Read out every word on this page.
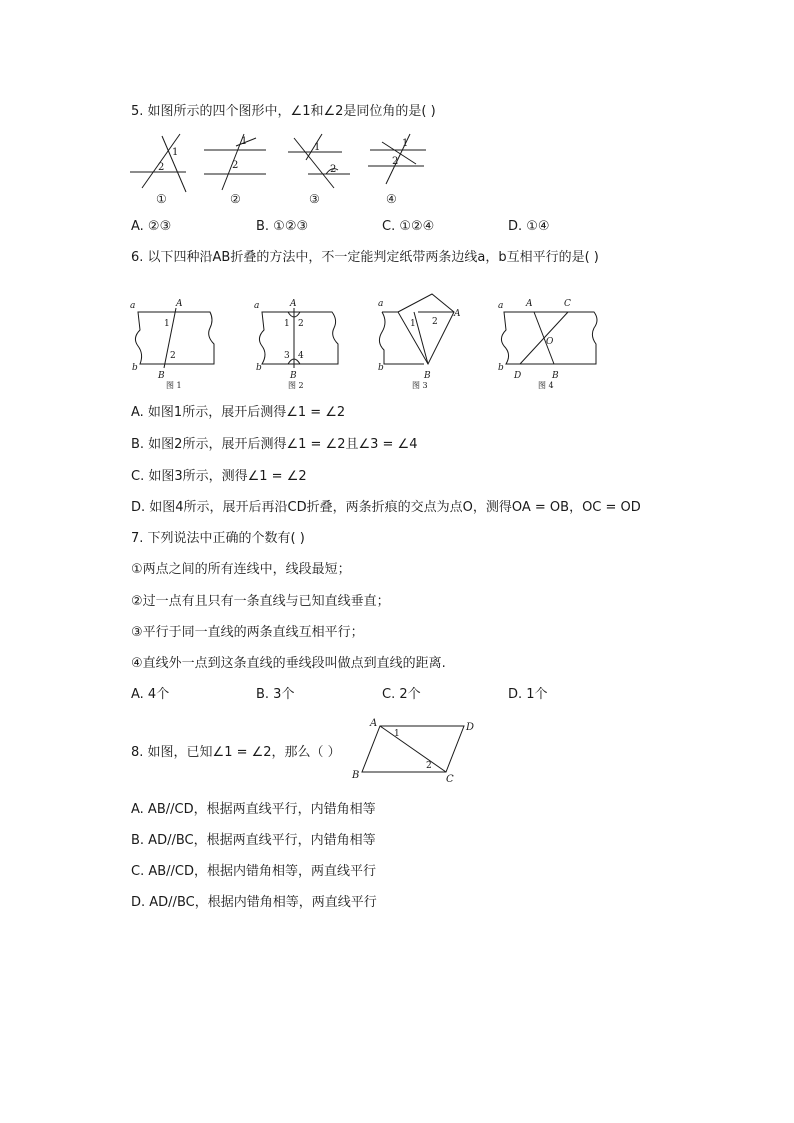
5. 如图所示的四个图形中，∠1和∠2是同位角的是( )
1
2
1
2
1
2
1
2
①	②	③	④
A. ②③	B. ①②③	C. ①②④	D. ①④
6. 以下四种沿AB折叠的方法中，不一定能判定纸带两条边线a，b互相平行的是( )
a	A
b
B
1
2
图 1
a	A
b
B
1 2
3 4
图 2
a
A
b
B
1 2
图 3
a	A	C
O
b
D	B
图 4
A. 如图1所示，展开后测得∠1 = ∠2
B. 如图2所示，展开后测得∠1 = ∠2且∠3 = ∠4
C. 如图3所示，测得∠1 = ∠2
D. 如图4所示，展开后再沿CD折叠，两条折痕的交点为点O，测得OA = OB，OC = OD
7. 下列说法中正确的个数有( )
①两点之间的所有连线中，线段最短；
②过一点有且只有一条直线与已知直线垂直；
③平行于同一直线的两条直线互相平行；
④直线外一点到这条直线的垂线段叫做点到直线的距离.
A. 4个	B. 3个	C. 2个	D. 1个
8. 如图，已知∠1 = ∠2，那么（ ）
A	D
B	C
1
2
A. AB//CD，根据两直线平行，内错角相等
B. AD//BC，根据两直线平行，内错角相等
C. AB//CD，根据内错角相等，两直线平行
D. AD//BC，根据内错角相等，两直线平行
